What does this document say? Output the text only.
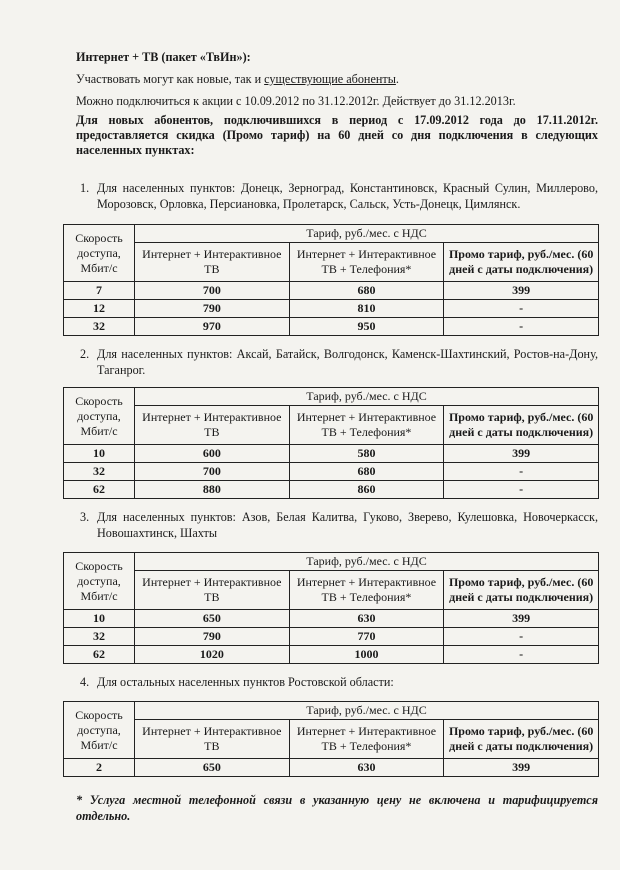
Интернет + ТВ (пакет «ТвИн»):
Участвовать могут как новые, так и существующие абоненты.
Можно подключиться к акции с 10.09.2012 по 31.12.2012г. Действует до 31.12.2013г.
Для новых абонентов, подключившихся в период с 17.09.2012 года до 17.11.2012г. предоставляется скидка (Промо тариф) на 60 дней со дня подключения в следующих населенных пунктах:
1. Для населенных пунктов: Донецк, Зерноград, Константиновск, Красный Сулин, Миллерово, Морозовск, Орловка, Персиановка, Пролетарск, Сальск, Усть-Донецк, Цимлянск.
Скорость доступа, Мбит/с	Тариф, руб./мес. с НДС		
	Интернет + Интерактивное ТВ	Интернет + Интерактивное ТВ + Телефония*	Промо тариф, руб./мес. (60 дней с даты подключения)
7	700	680	399
12	790	810	-
32	970	950	-
2. Для населенных пунктов: Аксай, Батайск, Волгодонск, Каменск-Шахтинский, Ростов-на-Дону, Таганрог.
Скорость доступа, Мбит/с	Тариф, руб./мес. с НДС		
	Интернет + Интерактивное ТВ	Интернет + Интерактивное ТВ + Телефония*	Промо тариф, руб./мес. (60 дней с даты подключения)
10	600	580	399
32	700	680	-
62	880	860	-
3. Для населенных пунктов: Азов, Белая Калитва, Гуково, Зверево, Кулешовка, Новочеркасск, Новошахтинск, Шахты
Скорость доступа, Мбит/с	Тариф, руб./мес. с НДС		
	Интернет + Интерактивное ТВ	Интернет + Интерактивное ТВ + Телефония*	Промо тариф, руб./мес. (60 дней с даты подключения)
10	650	630	399
32	790	770	-
62	1020	1000	-
4. Для остальных населенных пунктов Ростовской области:
Скорость доступа, Мбит/с	Тариф, руб./мес. с НДС		
	Интернет + Интерактивное ТВ	Интернет + Интерактивное ТВ + Телефония*	Промо тариф, руб./мес. (60 дней с даты подключения)
2	650	630	399
* Услуга местной телефонной связи в указанную цену не включена и тарифицируется отдельно.
